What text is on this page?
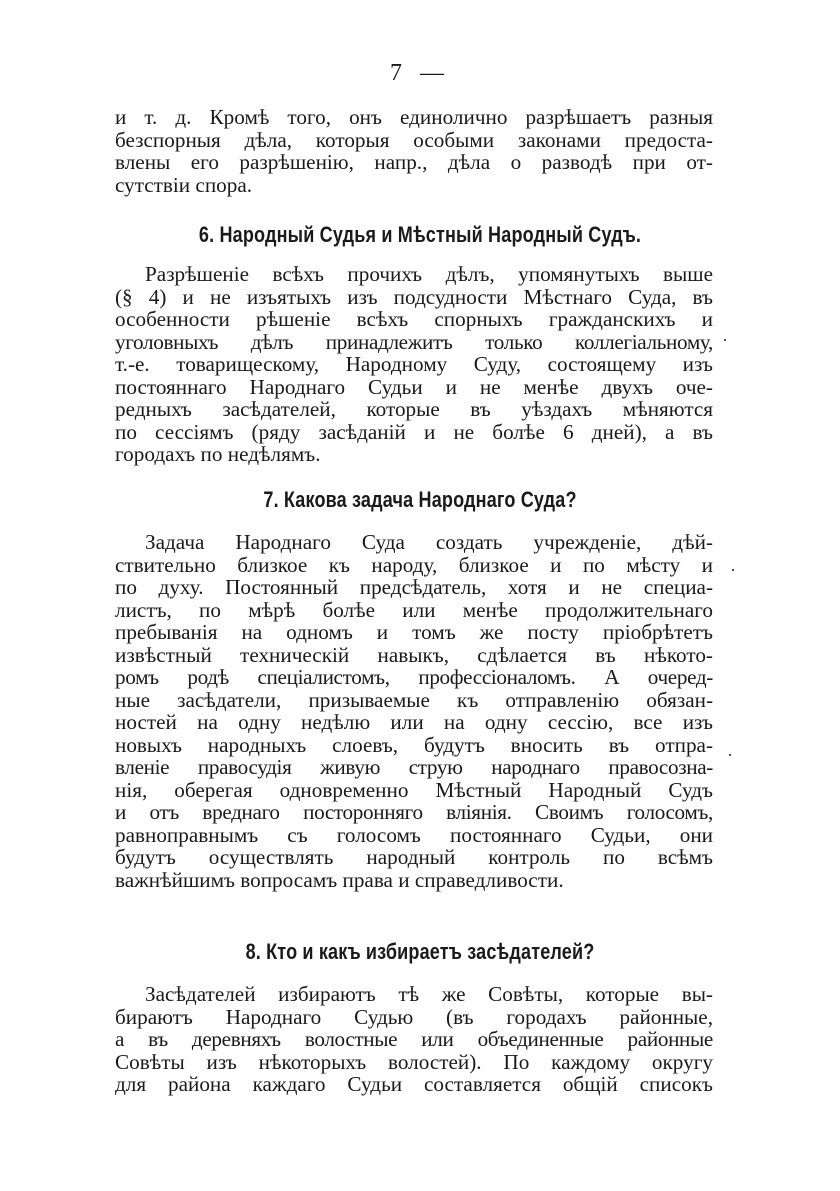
7 —
и т. д. Кромѣ того, онъ единолично разрѣшаетъ разныя
безспорныя дѣла, которыя особыми законами предоста-
влены его разрѣшенію, напр., дѣла о разводѣ при от-
сутствіи спора.
6. Народный Судья и Мѣстный Народный Судъ.
Разрѣшеніе всѣхъ прочихъ дѣлъ, упомянутыхъ выше
(§ 4) и не изъятыхъ изъ подсудности Мѣстнаго Суда, въ
особенности рѣшеніе всѣхъ спорныхъ гражданскихъ и
уголовныхъ дѣлъ принадлежитъ только коллегіальному,
т.-е. товарищескому, Народному Суду, состоящему изъ
постояннаго Народнаго Судьи и не менѣе двухъ оче-
редныхъ засѣдателей, которые въ уѣздахъ мѣняются
по сессіямъ (ряду засѣданій и не болѣе 6 дней), а въ
городахъ по недѣлямъ.
7. Какова задача Народнаго Суда?
Задача Народнаго Суда создать учрежденіе, дѣй-
ствительно близкое къ народу, близкое и по мѣсту и
по духу. Постоянный предсѣдатель, хотя и не специа-
листъ, по мѣрѣ болѣе или менѣе продолжительнаго
пребыванія на одномъ и томъ же посту пріобрѣтетъ
извѣстный техническій навыкъ, сдѣлается въ нѣкото-
ромъ родѣ спеціалистомъ, профессіоналомъ. А очеред-
ные засѣдатели, призываемые къ отправленію обязан-
ностей на одну недѣлю или на одну сессію, все изъ
новыхъ народныхъ слоевъ, будутъ вносить въ отпра-
вленіе правосудія живую струю народнаго правосозна-
нія, оберегая одновременно Мѣстный Народный Судъ
и отъ вреднаго посторонняго вліянія. Своимъ голосомъ,
равноправнымъ съ голосомъ постояннаго Судьи, они
будутъ осуществлять народный контроль по всѣмъ
важнѣйшимъ вопросамъ права и справедливости.
8. Кто и какъ избираетъ засѣдателей?
Засѣдателей избираютъ тѣ же Совѣты, которые вы-
бираютъ Народнаго Судью (въ городахъ районные,
а въ деревняхъ волостные или объединенные районные
Совѣты изъ нѣкоторыхъ волостей). По каждому округу
для района каждаго Судьи составляется общій списокъ
·
·
·
